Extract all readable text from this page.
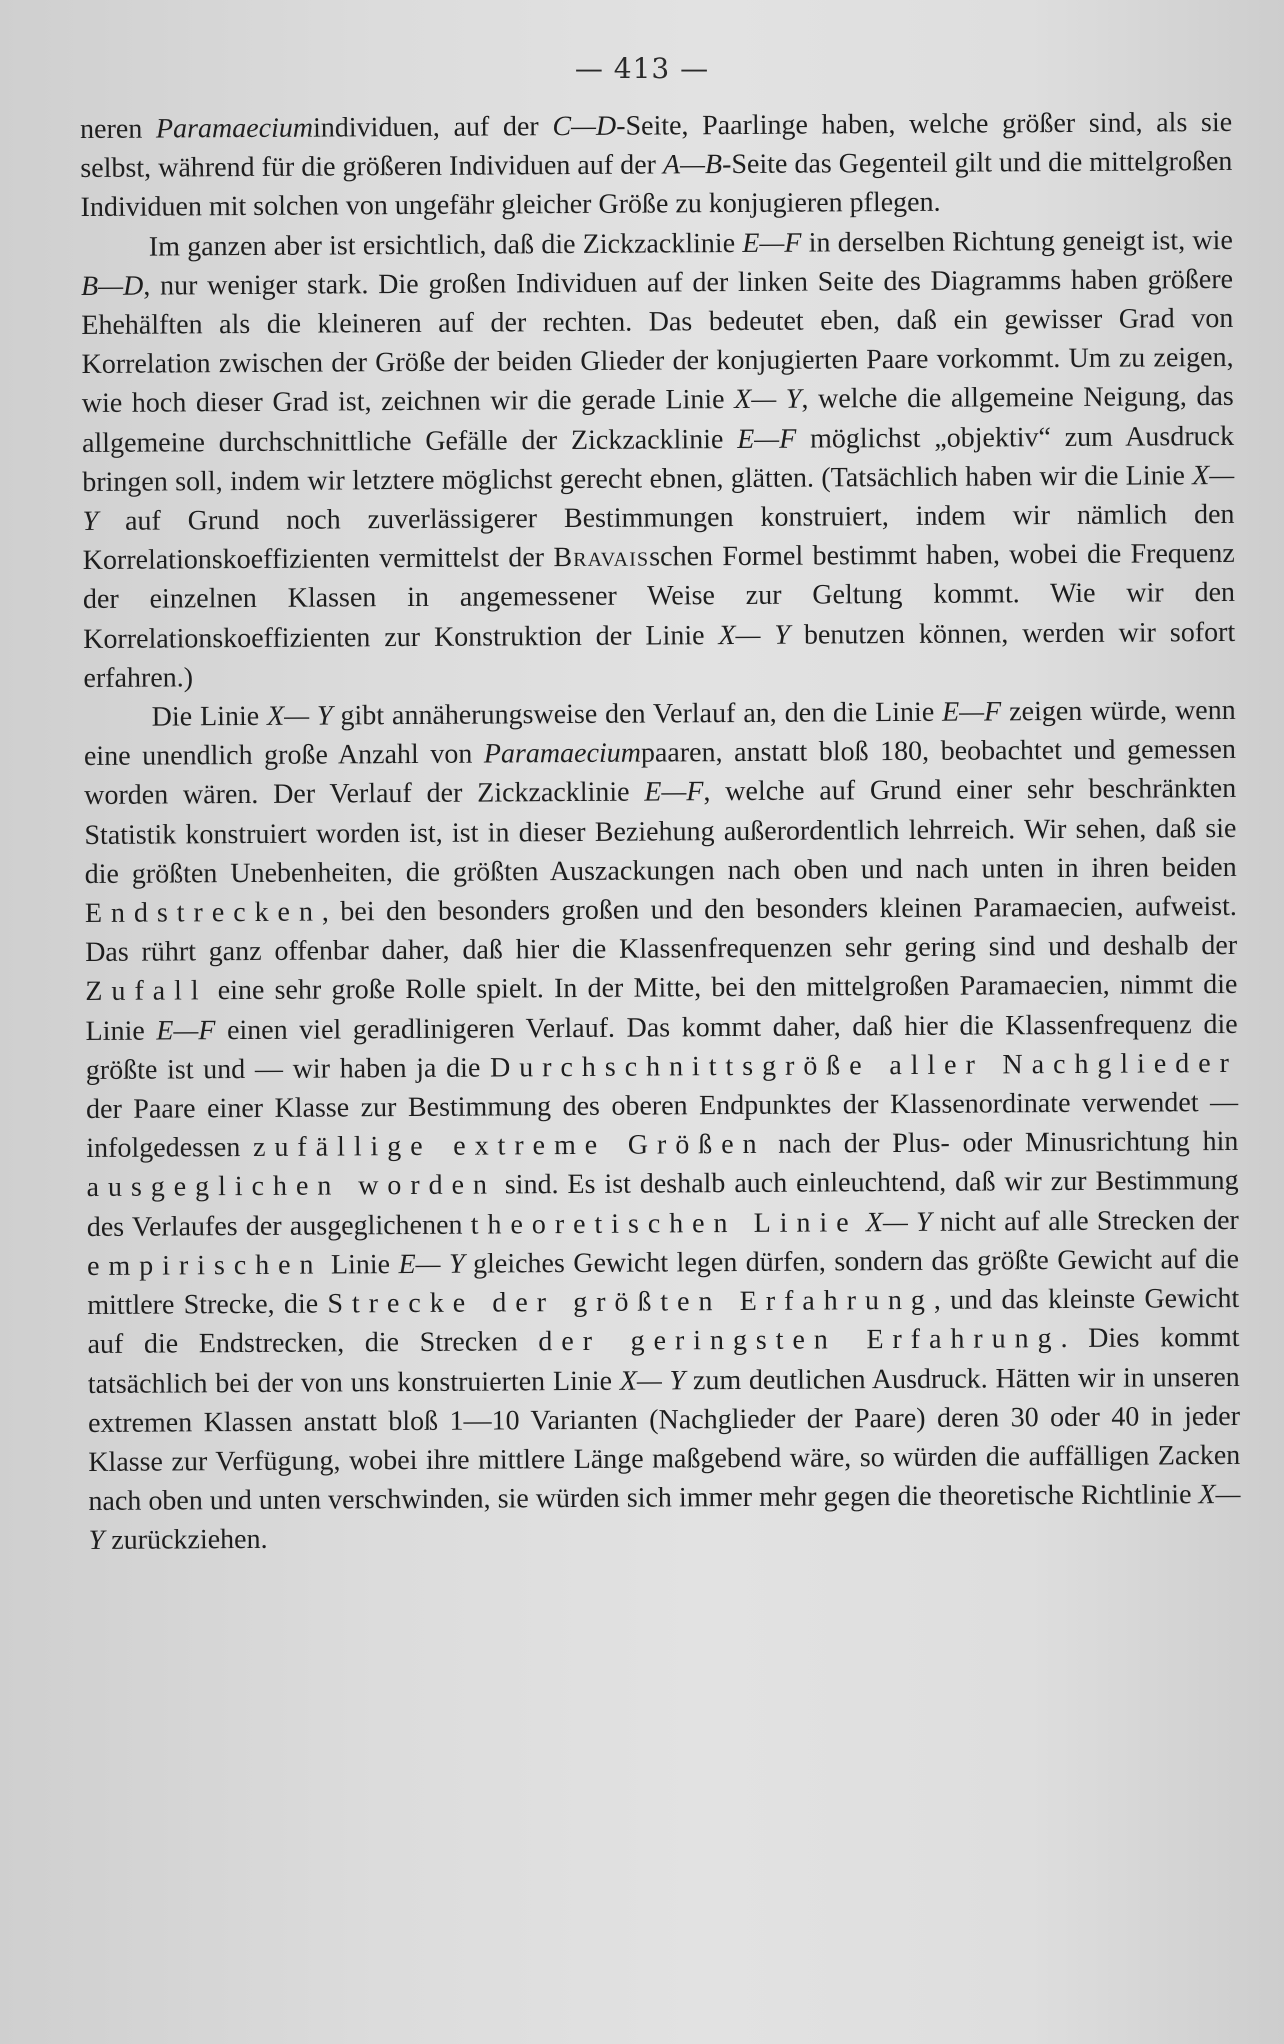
— 413 —

neren Paramaeciumindividuen, auf der C—D-Seite, Paarlinge haben, welche größer sind, als sie selbst, während für die größeren Individuen auf der A—B-Seite das Gegenteil gilt und die mittelgroßen Individuen mit solchen von ungefähr gleicher Größe zu konjugieren pflegen.

Im ganzen aber ist ersichtlich, daß die Zickzacklinie E—F in derselben Richtung geneigt ist, wie B—D, nur weniger stark. Die großen Individuen auf der linken Seite des Diagramms haben größere Ehehälften als die kleineren auf der rechten. Das bedeutet eben, daß ein gewisser Grad von Korrelation zwischen der Größe der beiden Glieder der konjugierten Paare vorkommt. Um zu zeigen, wie hoch dieser Grad ist, zeichnen wir die gerade Linie X— Y, welche die allgemeine Neigung, das allgemeine durchschnittliche Gefälle der Zickzacklinie E—F möglichst „objektiv“ zum Ausdruck bringen soll, indem wir letztere möglichst gerecht ebnen, glätten. (Tatsächlich haben wir die Linie X— Y auf Grund noch zuverlässigerer Bestimmungen konstruiert, indem wir nämlich den Korrelationskoeffizienten vermittelst der Bravaisschen Formel bestimmt haben, wobei die Frequenz der einzelnen Klassen in angemessener Weise zur Geltung kommt. Wie wir den Korrelationskoeffizienten zur Konstruktion der Linie X— Y benutzen können, werden wir sofort erfahren.)

Die Linie X— Y gibt annäherungsweise den Verlauf an, den die Linie E—F zeigen würde, wenn eine unendlich große Anzahl von Paramaeciumpaaren, anstatt bloß 180, beobachtet und gemessen worden wären. Der Verlauf der Zickzacklinie E—F, welche auf Grund einer sehr beschränkten Statistik konstruiert worden ist, ist in dieser Beziehung außerordentlich lehrreich. Wir sehen, daß sie die größten Unebenheiten, die größten Auszackungen nach oben und nach unten in ihren beiden Endstrecken, bei den besonders großen und den besonders kleinen Paramaecien, aufweist. Das rührt ganz offenbar daher, daß hier die Klassenfrequenzen sehr gering sind und deshalb der Zufall eine sehr große Rolle spielt. In der Mitte, bei den mittelgroßen Paramaecien, nimmt die Linie E—F einen viel geradlinigeren Verlauf. Das kommt daher, daß hier die Klassenfrequenz die größte ist und — wir haben ja die Durchschnittsgröße aller Nachglieder der Paare einer Klasse zur Bestimmung des oberen Endpunktes der Klassenordinate verwendet — infolgedessen zufällige extreme Größen nach der Plus- oder Minusrichtung hin ausgeglichen worden sind. Es ist deshalb auch einleuchtend, daß wir zur Bestimmung des Verlaufes der ausgeglichenen theoretischen Linie X— Y nicht auf alle Strecken der empirischen Linie E— Y gleiches Gewicht legen dürfen, sondern das größte Gewicht auf die mittlere Strecke, die Strecke der größten Erfahrung, und das kleinste Gewicht auf die Endstrecken, die Strecken der geringsten Erfahrung. Dies kommt tatsächlich bei der von uns konstruierten Linie X— Y zum deutlichen Ausdruck. Hätten wir in unseren extremen Klassen anstatt bloß 1—10 Varianten (Nachglieder der Paare) deren 30 oder 40 in jeder Klasse zur Verfügung, wobei ihre mittlere Länge maßgebend wäre, so würden die auffälligen Zacken nach oben und unten verschwinden, sie würden sich immer mehr gegen die theoretische Richtlinie X— Y zurückziehen.
